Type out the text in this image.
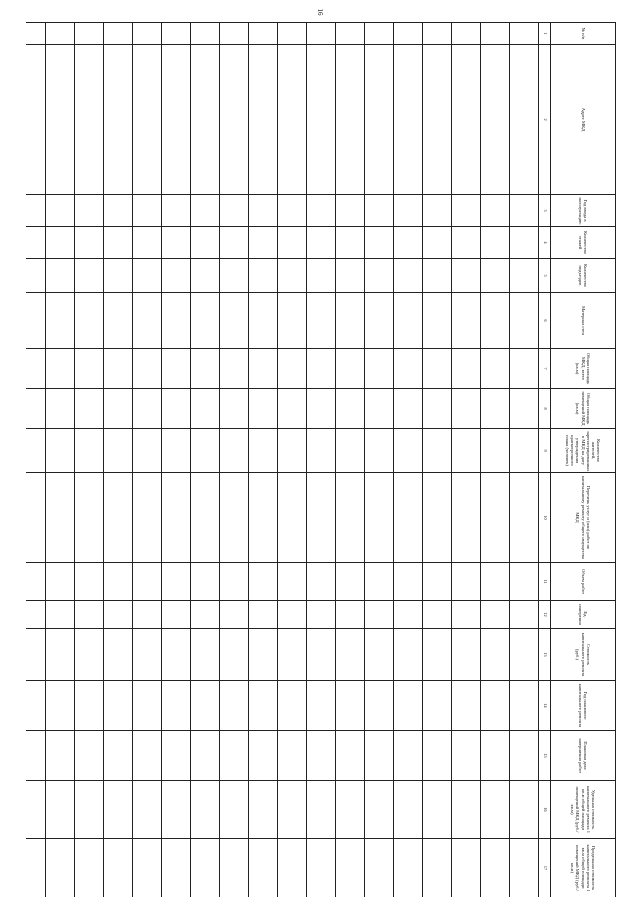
16
№ п/п	Адрес МКД	Год ввода в эксплуатацию	Количество этажей	Количество подъездов	Материал стен	Общая площадь МКД, всего (кв.м)	Общая площадь помещений МКД (кв.м)	Количество жителей, зарегистрированных в МКД на дату утверждения краткосрочного плана (человек)	Перечень услуг и (или) работ по капитальному ремонту общего имущества МКД	Объем работ	Ед. измерения	Стоимость капитального ремонта (руб.)	Год планового капитального ремонта	Плановая дата завершения работ	Удельная стоимость капитального ремонта 1 кв.м общей площади помещений МКД (руб./кв.м)	Предельная стоимость капитального ремонта 1 кв.м общей площади помещений МКД (руб./кв.м)
1	2	3	4	5	6	7	8	9	10	11	12	13	14	15	16	17
